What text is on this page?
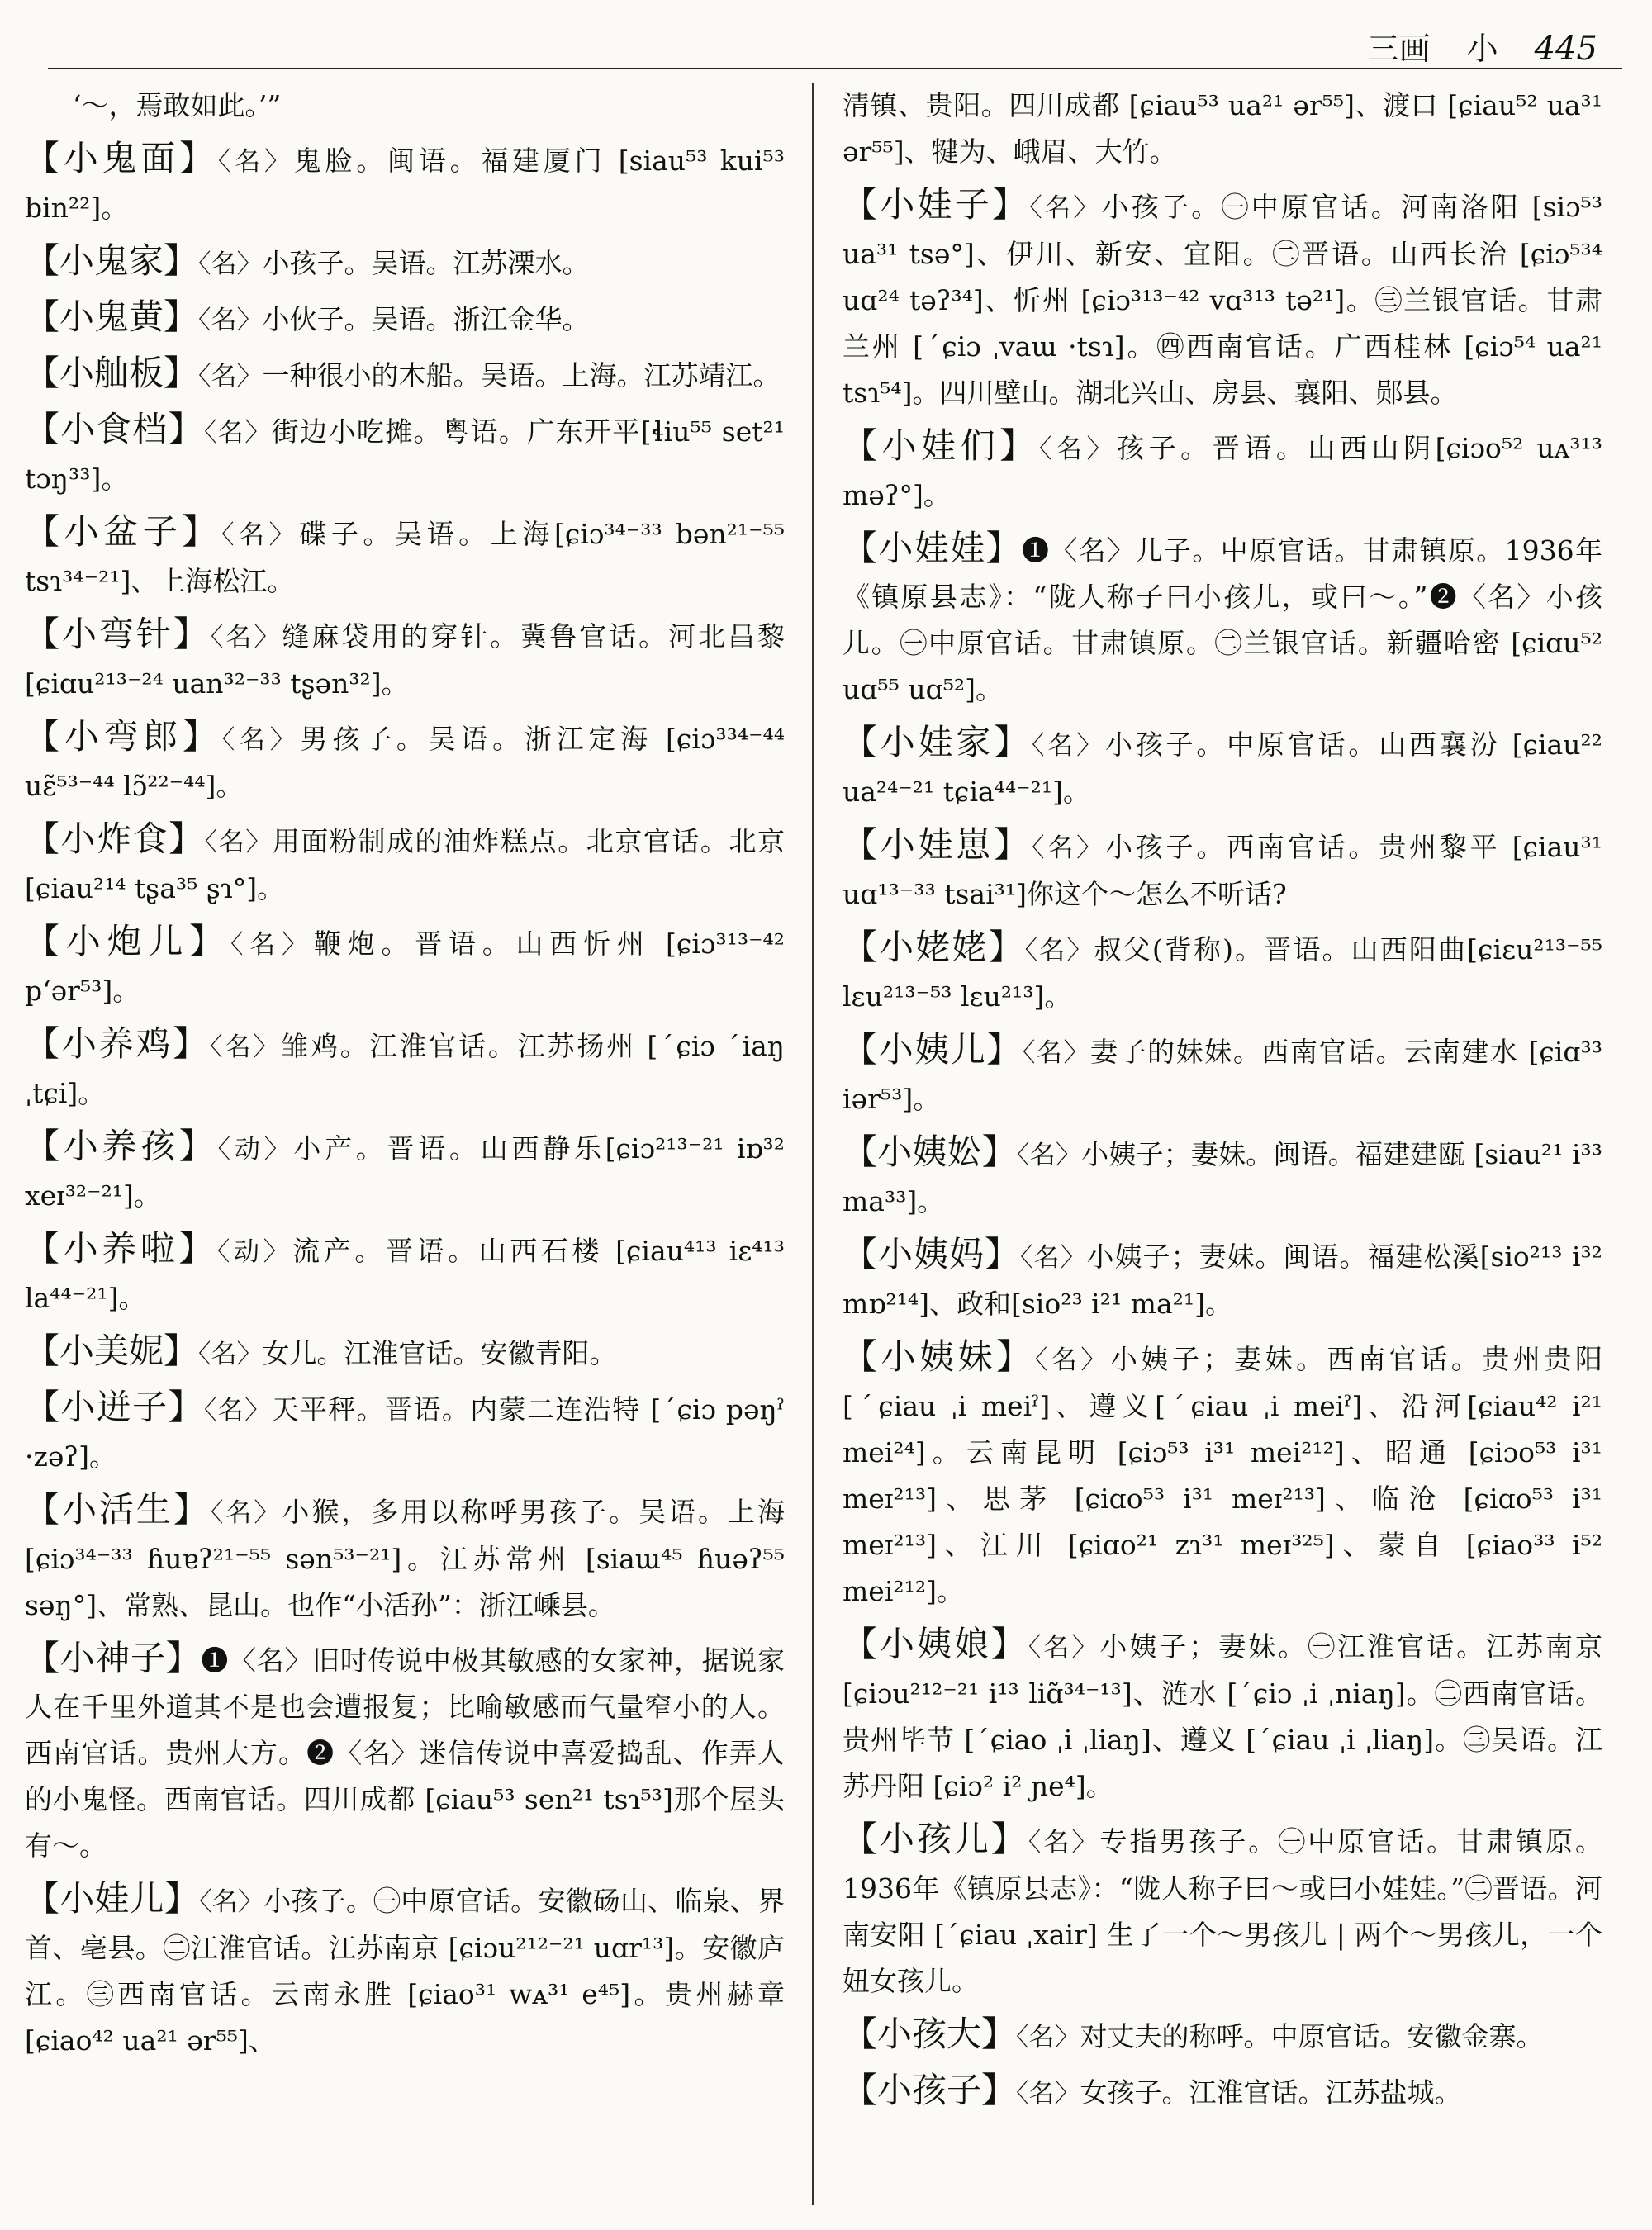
三画 小 445
‘～，焉敢如此。’”
【小鬼面】〈名〉鬼脸。闽语。福建厦门 [siau⁵³ kui⁵³ bin²²]。
【小鬼家】〈名〉小孩子。吴语。江苏溧水。
【小鬼黄】〈名〉小伙子。吴语。浙江金华。
【小舢板】〈名〉一种很小的木船。吴语。上海。江苏靖江。
【小食档】〈名〉街边小吃摊。粤语。广东开平[ɬiu⁵⁵ set²¹ tɔŋ³³]。
【小盆子】〈名〉碟子。吴语。上海[ɕiɔ³⁴⁻³³ bən²¹⁻⁵⁵ tsɿ³⁴⁻²¹]、上海松江。
【小弯针】〈名〉缝麻袋用的穿针。冀鲁官话。河北昌黎 [ɕiɑu²¹³⁻²⁴ uan³²⁻³³ tʂən³²]。
【小弯郎】〈名〉男孩子。吴语。浙江定海 [ɕiɔ³³⁴⁻⁴⁴ uɛ̃⁵³⁻⁴⁴ lɔ̃²²⁻⁴⁴]。
【小炸食】〈名〉用面粉制成的油炸糕点。北京官话。北京 [ɕiau²¹⁴ tʂa³⁵ ʂɿ°]。
【小炮儿】〈名〉鞭炮。晋语。山西忻州 [ɕiɔ³¹³⁻⁴² p‘ər⁵³]。
【小养鸡】〈名〉雏鸡。江淮官话。江苏扬州 [ˊɕiɔ ˊiaŋ ˌtɕi]。
【小养孩】〈动〉小产。晋语。山西静乐[ɕiɔ²¹³⁻²¹ iɒ³² xeɪ³²⁻²¹]。
【小养啦】〈动〉流产。晋语。山西石楼 [ɕiau⁴¹³ iɛ⁴¹³ la⁴⁴⁻²¹]。
【小美妮】〈名〉女儿。江淮官话。安徽青阳。
【小迸子】〈名〉天平秤。晋语。内蒙二连浩特 [ˊɕiɔ pəŋˀ ·zəʔ]。
【小活生】〈名〉小猴，多用以称呼男孩子。吴语。上海 [ɕiɔ³⁴⁻³³ ɦuɐʔ²¹⁻⁵⁵ sən⁵³⁻²¹]。江苏常州 [siaɯ⁴⁵ ɦuəʔ⁵⁵ səŋ°]、常熟、昆山。也作“小活孙”：浙江嵊县。
【小神子】❶〈名〉旧时传说中极其敏感的女家神，据说家人在千里外道其不是也会遭报复；比喻敏感而气量窄小的人。西南官话。贵州大方。❷〈名〉迷信传说中喜爱捣乱、作弄人的小鬼怪。西南官话。四川成都 [ɕiau⁵³ sen²¹ tsɿ⁵³]那个屋头有～。
【小娃儿】〈名〉小孩子。㊀中原官话。安徽砀山、临泉、界首、亳县。㊁江淮官话。江苏南京 [ɕiɔu²¹²⁻²¹ uɑr¹³]。安徽庐江。㊂西南官话。云南永胜 [ɕiao³¹ wᴀ³¹ e⁴⁵]。贵州赫章 [ɕiao⁴² ua²¹ ər⁵⁵]、
清镇、贵阳。四川成都 [ɕiau⁵³ ua²¹ ər⁵⁵]、渡口 [ɕiau⁵² ua³¹ ər⁵⁵]、犍为、峨眉、大竹。
【小娃子】〈名〉小孩子。㊀中原官话。河南洛阳 [siɔ⁵³ ua³¹ tsə°]、伊川、新安、宜阳。㊁晋语。山西长治 [ɕiɔ⁵³⁴ uɑ²⁴ təʔ³⁴]、忻州 [ɕiɔ³¹³⁻⁴² vɑ³¹³ tə²¹]。㊂兰银官话。甘肃兰州 [ˊɕiɔ ˌvaɯ ·tsɿ]。㊃西南官话。广西桂林 [ɕiɔ⁵⁴ ua²¹ tsɿ⁵⁴]。四川壁山。湖北兴山、房县、襄阳、郧县。
【小娃们】〈名〉孩子。晋语。山西山阴[ɕiɔo⁵² uᴀ³¹³ məʔ°]。
【小娃娃】❶〈名〉儿子。中原官话。甘肃镇原。1936年《镇原县志》：“陇人称子曰小孩儿，或曰～。”❷〈名〉小孩儿。㊀中原官话。甘肃镇原。㊁兰银官话。新疆哈密 [ɕiɑu⁵² uɑ⁵⁵ uɑ⁵²]。
【小娃家】〈名〉小孩子。中原官话。山西襄汾 [ɕiau²² ua²⁴⁻²¹ tɕia⁴⁴⁻²¹]。
【小娃崽】〈名〉小孩子。西南官话。贵州黎平 [ɕiau³¹ uɑ¹³⁻³³ tsai³¹]你这个～怎么不听话?
【小姥姥】〈名〉叔父(背称)。晋语。山西阳曲[ɕiɛu²¹³⁻⁵⁵ lɛu²¹³⁻⁵³ lɛu²¹³]。
【小姨儿】〈名〉妻子的妹妹。西南官话。云南建水 [ɕiɑ³³ iər⁵³]。
【小姨妐】〈名〉小姨子；妻妹。闽语。福建建瓯 [siau²¹ i³³ ma³³]。
【小姨妈】〈名〉小姨子；妻妹。闽语。福建松溪[sio²¹³ i³² mɒ²¹⁴]、政和[sio²³ i²¹ ma²¹]。
【小姨妹】〈名〉小姨子；妻妹。西南官话。贵州贵阳 [ˊɕiau ˌi meiˀ]、遵义[ˊɕiau ˌi meiˀ]、沿河[ɕiau⁴² i²¹ mei²⁴]。云南昆明 [ɕiɔ⁵³ i³¹ mei²¹²]、昭通 [ɕiɔo⁵³ i³¹ meɪ²¹³]、思茅 [ɕiɑo⁵³ i³¹ meɪ²¹³]、临沧 [ɕiɑo⁵³ i³¹ meɪ²¹³]、江川 [ɕiɑo²¹ zɿ³¹ meɪ³²⁵]、蒙自 [ɕiao³³ i⁵² mei²¹²]。
【小姨娘】〈名〉小姨子；妻妹。㊀江淮官话。江苏南京 [ɕiɔu²¹²⁻²¹ i¹³ liɑ̃³⁴⁻¹³]、涟水 [ˊɕiɔ ˌi ˌniaŋ]。㊁西南官话。贵州毕节 [ˊɕiao ˌi ˌliaŋ]、遵义 [ˊɕiau ˌi ˌliaŋ]。㊂吴语。江苏丹阳 [ɕiɔ² i² ɲe⁴]。
【小孩儿】〈名〉专指男孩子。㊀中原官话。甘肃镇原。1936年《镇原县志》：“陇人称子曰～或曰小娃娃。”㊁晋语。河南安阳 [ˊɕiau ˌxair] 生了一个～男孩儿 | 两个～男孩儿，一个妞女孩儿。
【小孩大】〈名〉对丈夫的称呼。中原官话。安徽金寨。
【小孩子】〈名〉女孩子。江淮官话。江苏盐城。
